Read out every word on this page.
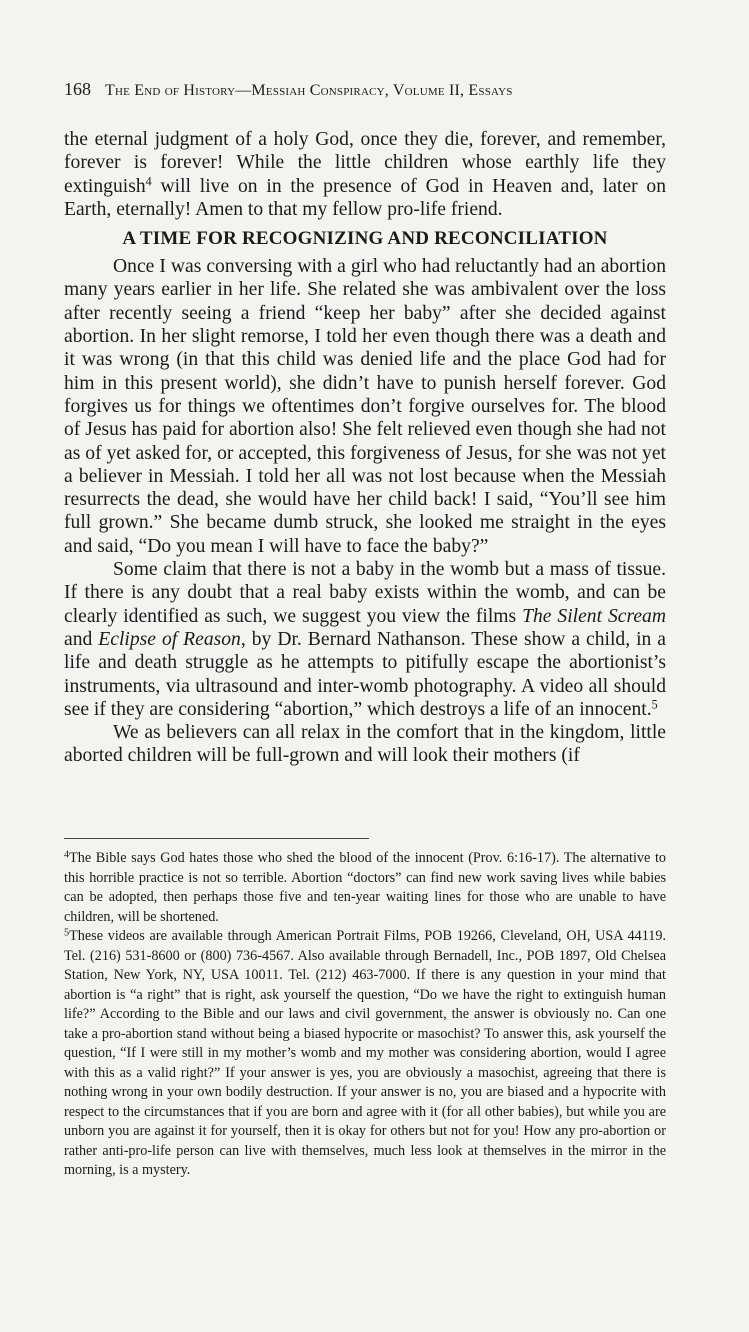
168 The End of History—Messiah Conspiracy, Volume II, Essays

the eternal judgment of a holy God, once they die, forever, and remember, forever is forever! While the little children whose earthly life they extinguish$^4$ will live on in the presence of God in Heaven and, later on Earth, eternally! Amen to that my fellow pro-life friend.

A TIME FOR RECOGNIZING AND RECONCILIATION

Once I was conversing with a girl who had reluctantly had an abortion many years earlier in her life. She related she was ambivalent over the loss after recently seeing a friend “keep her baby” after she decided against abortion. In her slight remorse, I told her even though there was a death and it was wrong (in that this child was denied life and the place God had for him in this present world), she didn’t have to punish herself forever. God forgives us for things we oftentimes don’t forgive ourselves for. The blood of Jesus has paid for abortion also! She felt relieved even though she had not as of yet asked for, or accepted, this forgiveness of Jesus, for she was not yet a believer in Messiah. I told her all was not lost because when the Messiah resurrects the dead, she would have her child back! I said, “You’ll see him full grown.” She became dumb struck, she looked me straight in the eyes and said, “Do you mean I will have to face the baby?”

Some claim that there is not a baby in the womb but a mass of tissue. If there is any doubt that a real baby exists within the womb, and can be clearly identified as such, we suggest you view the films The Silent Scream and Eclipse of Reason, by Dr. Bernard Nathanson. These show a child, in a life and death struggle as he attempts to pitifully escape the abortionist’s instruments, via ultrasound and inter-womb photography. A video all should see if they are considering “abortion,” which destroys a life of an innocent.$^5$

We as believers can all relax in the comfort that in the kingdom, little aborted children will be full-grown and will look their mothers (if

$^4$The Bible says God hates those who shed the blood of the innocent (Prov. 6:16-17). The alternative to this horrible practice is not so terrible. Abortion “doctors” can find new work saving lives while babies can be adopted, then perhaps those five and ten-year waiting lines for those who are unable to have children, will be shortened.

$^5$These videos are available through American Portrait Films, POB 19266, Cleveland, OH, USA 44119. Tel. (216) 531-8600 or (800) 736-4567. Also available through Bernadell, Inc., POB 1897, Old Chelsea Station, New York, NY, USA 10011. Tel. (212) 463-7000. If there is any question in your mind that abortion is “a right” that is right, ask yourself the question, “Do we have the right to extinguish human life?” According to the Bible and our laws and civil government, the answer is obviously no. Can one take a pro-abortion stand without being a biased hypocrite or masochist? To answer this, ask yourself the question, “If I were still in my mother’s womb and my mother was considering abortion, would I agree with this as a valid right?” If your answer is yes, you are obviously a masochist, agreeing that there is nothing wrong in your own bodily destruction. If your answer is no, you are biased and a hypocrite with respect to the circumstances that if you are born and agree with it (for all other babies), but while you are unborn you are against it for yourself, then it is okay for others but not for you! How any pro-abortion or rather anti-pro-life person can live with themselves, much less look at themselves in the mirror in the morning, is a mystery.
